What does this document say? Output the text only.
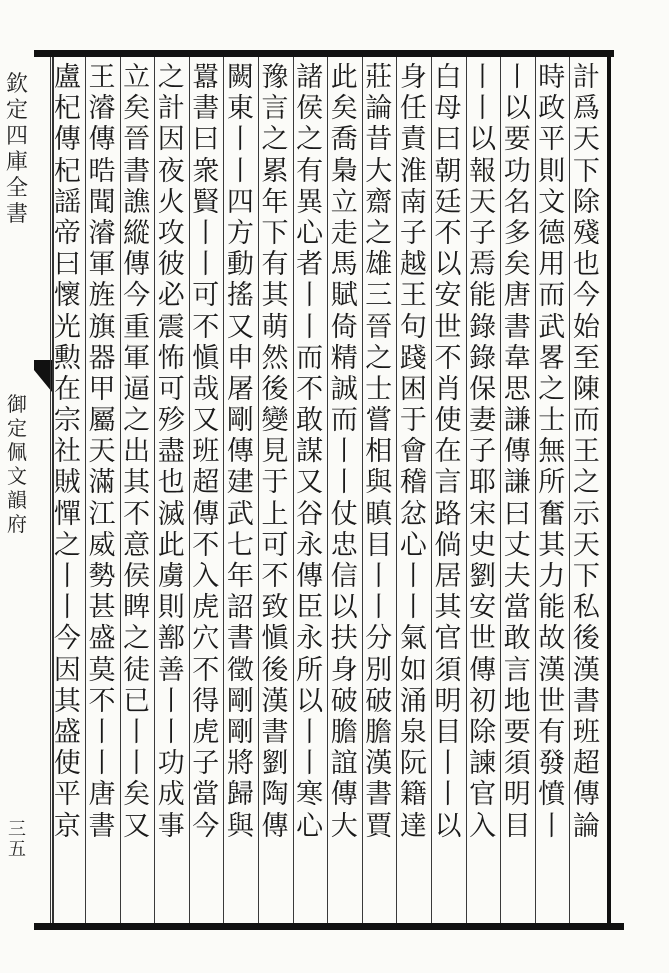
欽
定
四
庫
全
書
御
定
佩
文
韻
府
三
五
計
爲
天
下
除
殘
也
今
始
至
陳
而
王
之
示
天
下
私
後
漢
書
班
超
傳
論
時
政
平
則
文
德
用
而
武
畧
之
士
無
所
奮
其
力
能
故
漢
世
有
發
憤
丨
丨
以
要
功
名
多
矣
唐
書
韋
思
謙
傳
謙
曰
丈
夫
當
敢
言
地
要
須
明
目
丨
丨
以
報
天
子
焉
能
錄
錄
保
妻
子
耶
宋
史
劉
安
世
傳
初
除
諫
官
入
白
母
曰
朝
廷
不
以
安
世
不
肖
使
在
言
路
倘
居
其
官
須
明
目
丨
丨
以
身
任
責
淮
南
子
越
王
句
踐
困
于
會
稽
忿
心
丨
丨
氣
如
涌
泉
阮
籍
達
莊
論
昔
大
齋
之
雄
三
晉
之
士
嘗
相
與
瞋
目
丨
丨
分
別
破
膽
漢
書
賈
此
矣
喬
梟
立
走
馬
賦
倚
精
誠
而
丨
丨
仗
忠
信
以
扶
身
破
膽
誼
傳
大
諸
侯
之
有
異
心
者
丨
丨
而
不
敢
謀
又
谷
永
傳
臣
永
所
以
丨
丨
寒
心
豫
言
之
累
年
下
有
其
萌
然
後
變
見
于
上
可
不
致
愼
後
漢
書
劉
陶
傳
闕
東
丨
丨
四
方
動
搖
又
申
屠
剛
傳
建
武
七
年
詔
書
徵
剛
剛
將
歸
與
囂
書
曰
衆
賢
丨
丨
可
不
愼
哉
又
班
超
傳
不
入
虎
穴
不
得
虎
子
當
今
之
計
因
夜
火
攻
彼
必
震
怖
可
殄
盡
也
滅
此
虜
則
鄯
善
丨
丨
功
成
事
立
矣
晉
書
譙
縱
傳
今
重
軍
逼
之
出
其
不
意
侯
睥
之
徒
已
丨
丨
矣
又
王
濬
傳
晧
聞
濬
軍
旌
旗
器
甲
屬
天
滿
江
威
勢
甚
盛
莫
不
丨
丨
唐
書
盧
杞
傳
杞
謡
帝
曰
懷
光
勲
在
宗
社
賊
憚
之
丨
丨
今
因
其
盛
使
平
京
